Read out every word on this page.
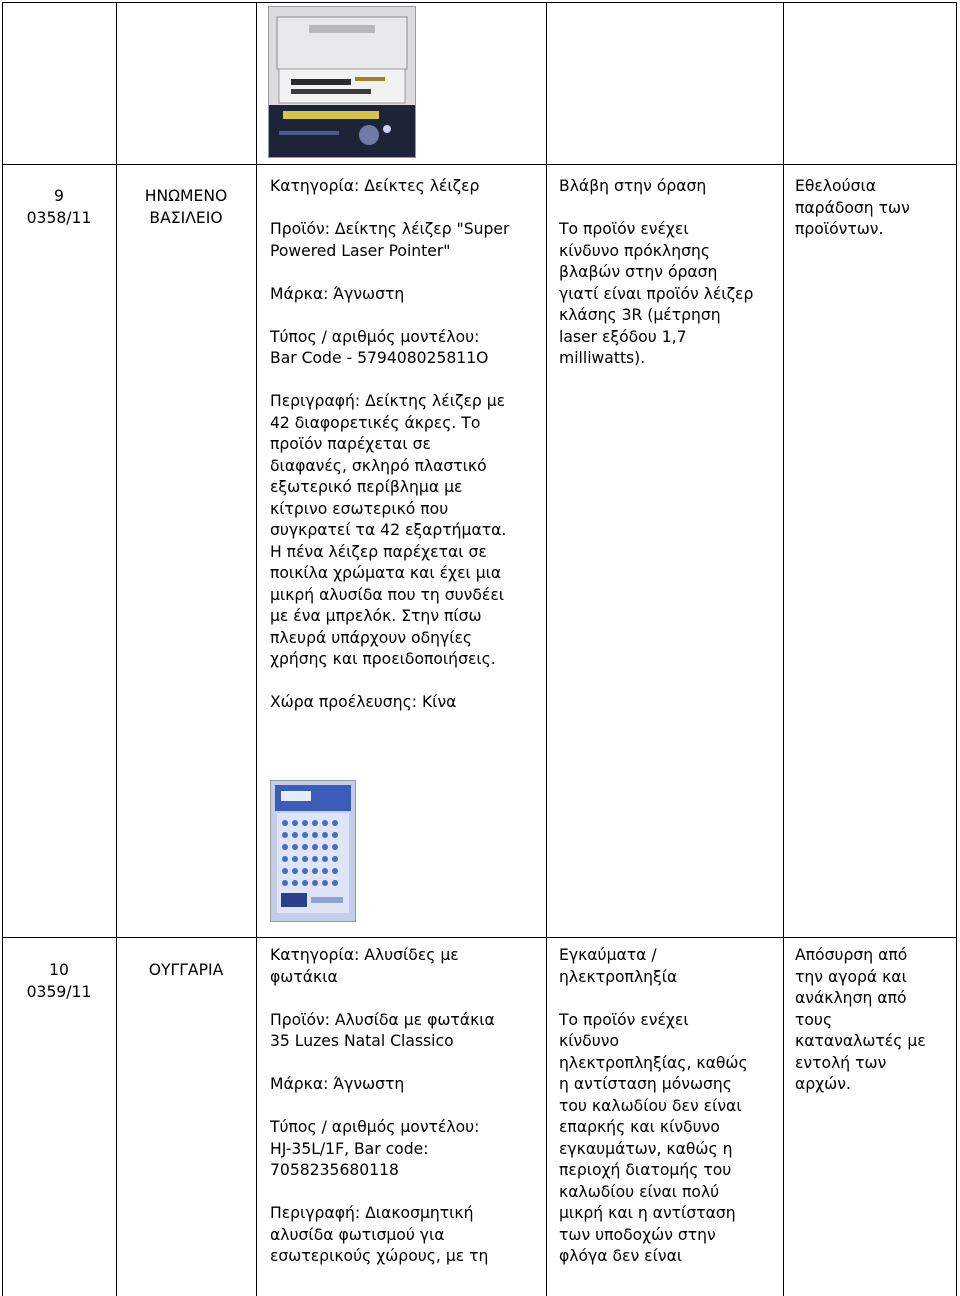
9

0358/11

ΗΝΩΜΕΝΟ ΒΑΣΙΛΕΙΟ

Κατηγορία: Δείκτες λέιζερ

Προϊόν: Δείκτης λέιζερ "Super

Powered Laser Pointer"

Μάρκα: Άγνωστη

Τύπος / αριθμός μοντέλου:

Bar Code - 579408025811O

Περιγραφή: Δείκτης λέιζερ με

42 διαφορετικές άκρες. Το

προϊόν παρέχεται σε

διαφανές, σκληρό πλαστικό

εξωτερικό περίβλημα με

κίτρινο εσωτερικό που

συγκρατεί τα 42 εξαρτήματα.

Η πένα λέιζερ παρέχεται σε

ποικίλα χρώματα και έχει μια

μικρή αλυσίδα που τη συνδέει

με ένα μπρελόκ. Στην πίσω

πλευρά υπάρχουν οδηγίες

χρήσης και προειδοποιήσεις.

Χώρα προέλευσης: Κίνα

Βλάβη στην όραση

Το προϊόν ενέχει

κίνδυνο πρόκλησης

βλαβών στην όραση

γιατί είναι προϊόν λέιζερ

κλάσης 3R (μέτρηση

laser εξόδου 1,7

milliwatts).

Εθελούσια

παράδοση των

προϊόντων.

10

0359/11

ΟΥΓΓΑΡΙΑ

Κατηγορία: Αλυσίδες με

φωτάκια

Προϊόν: Αλυσίδα με φωτάκια

35 Luzes Natal Classico

Μάρκα: Άγνωστη

Τύπος / αριθμός μοντέλου:

HJ-35L/1F, Bar code:

7058235680118

Περιγραφή: Διακοσμητική

αλυσίδα φωτισμού για

εσωτερικούς χώρους, με τη

Εγκαύματα /

ηλεκτροπληξία

Το προϊόν ενέχει

κίνδυνο

ηλεκτροπληξίας, καθώς

η αντίσταση μόνωσης

του καλωδίου δεν είναι

επαρκής και κίνδυνο

εγκαυμάτων, καθώς η

περιοχή διατομής του

καλωδίου είναι πολύ

μικρή και η αντίσταση

των υποδοχών στην

φλόγα δεν είναι

Απόσυρση από

την αγορά και

ανάκληση από

τους

καταναλωτές με

εντολή των

αρχών.
